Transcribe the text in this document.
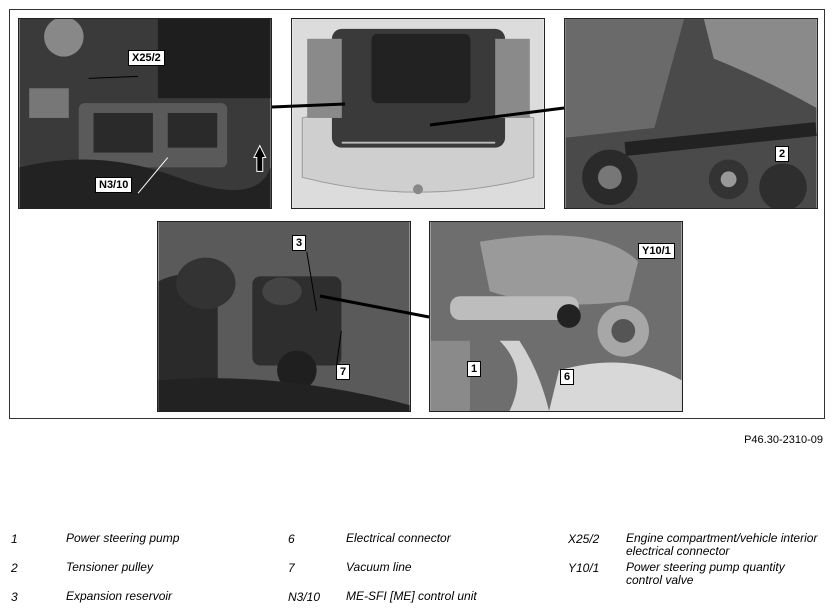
X25/2
N3/10
2
3
7
Y10/1
1
6
P46.30-2310-09
1	Power steering pump
2	Tensioner pulley
3	Expansion reservoir
6	Electrical connector
7	Vacuum line
N3/10 ME-SFI [ME] control unit
X25/2 Engine compartment/vehicle interior electrical connector
Y10/1 Power steering pump quantity control valve
